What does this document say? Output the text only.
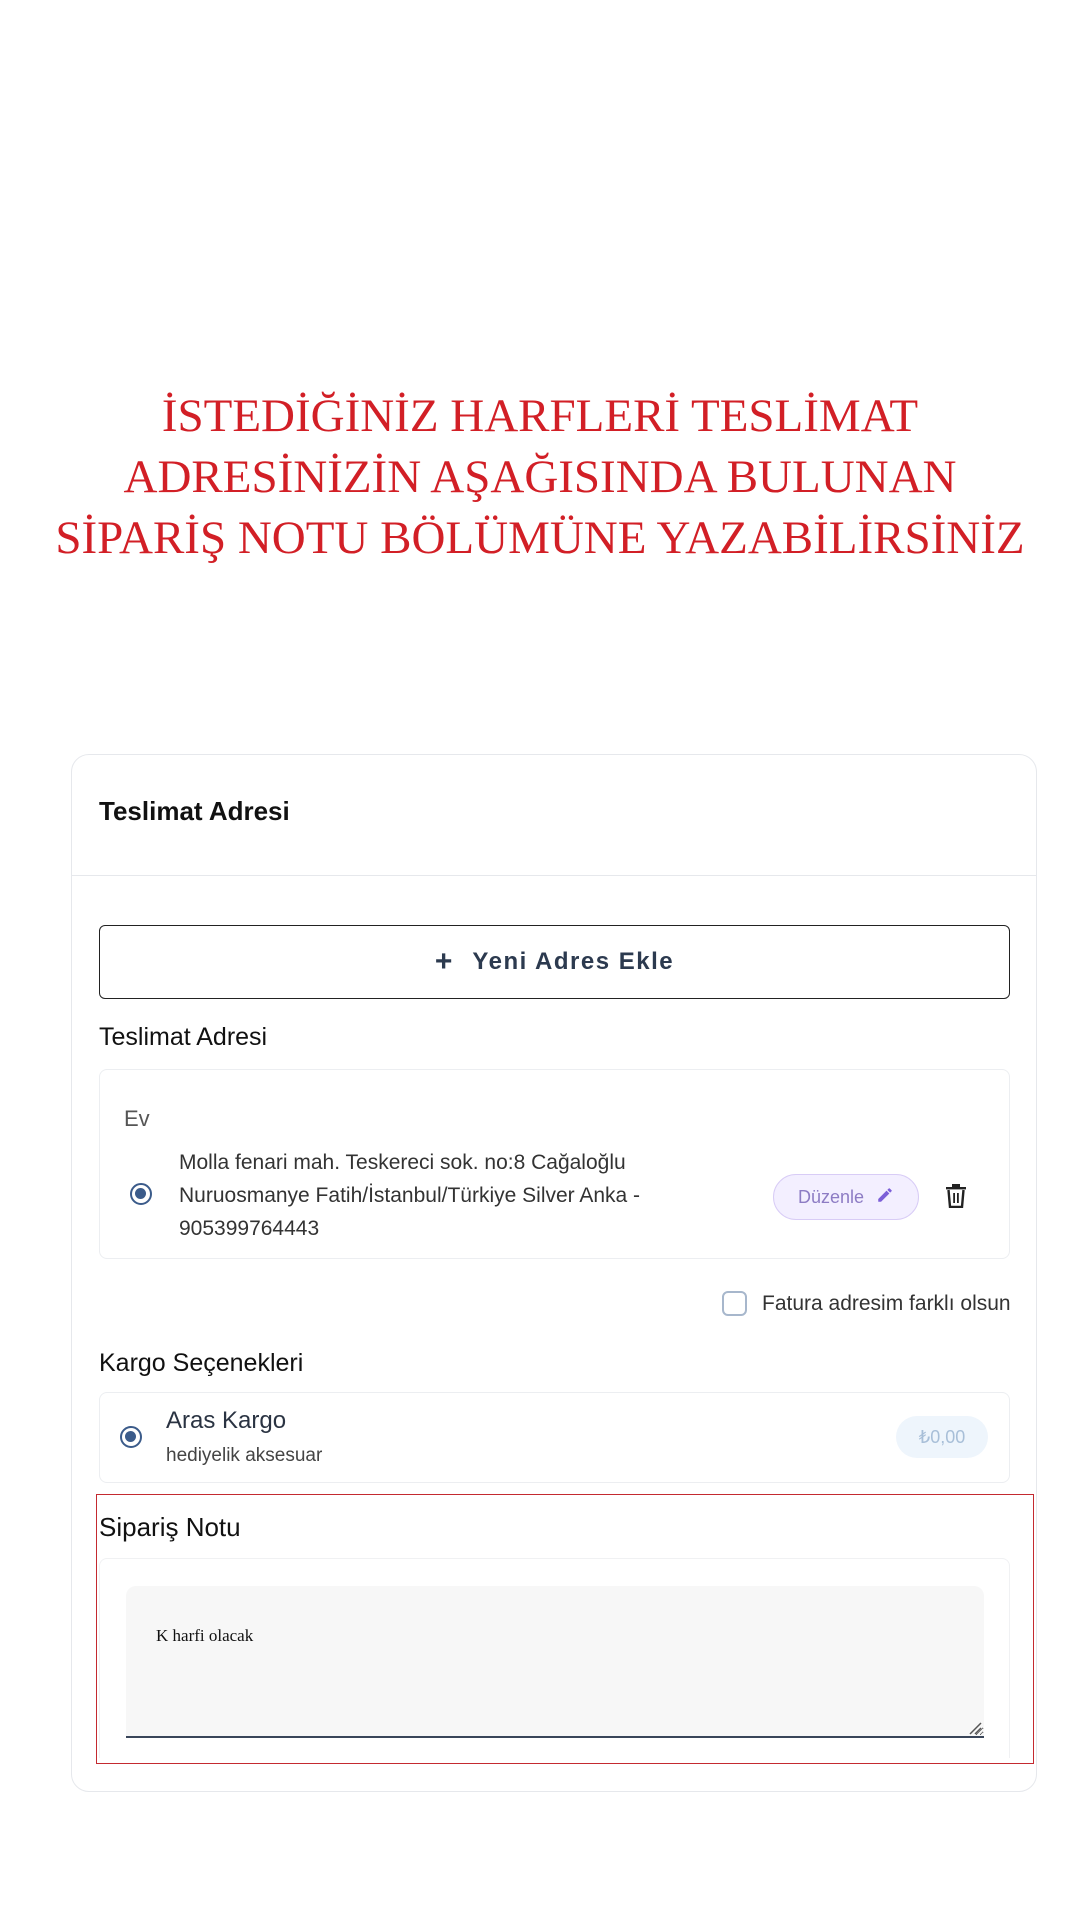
İSTEDİĞİNİZ HARFLERİ TESLİMAT
ADRESİNİZİN AŞAĞISINDA BULUNAN
SİPARİŞ NOTU BÖLÜMÜNE YAZABİLİRSİNİZ
Teslimat Adresi
+ Yeni Adres Ekle
Teslimat Adresi
Ev
Molla fenari mah. Teskereci sok. no:8 Cağaloğlu Nuruosmanye Fatih/İstanbul/Türkiye Silver Anka - 905399764443
Düzenle
Fatura adresim farklı olsun
Kargo Seçenekleri
Aras Kargo
hediyelik aksesuar
₺0,00
Sipariş Notu
K harfi olacak
